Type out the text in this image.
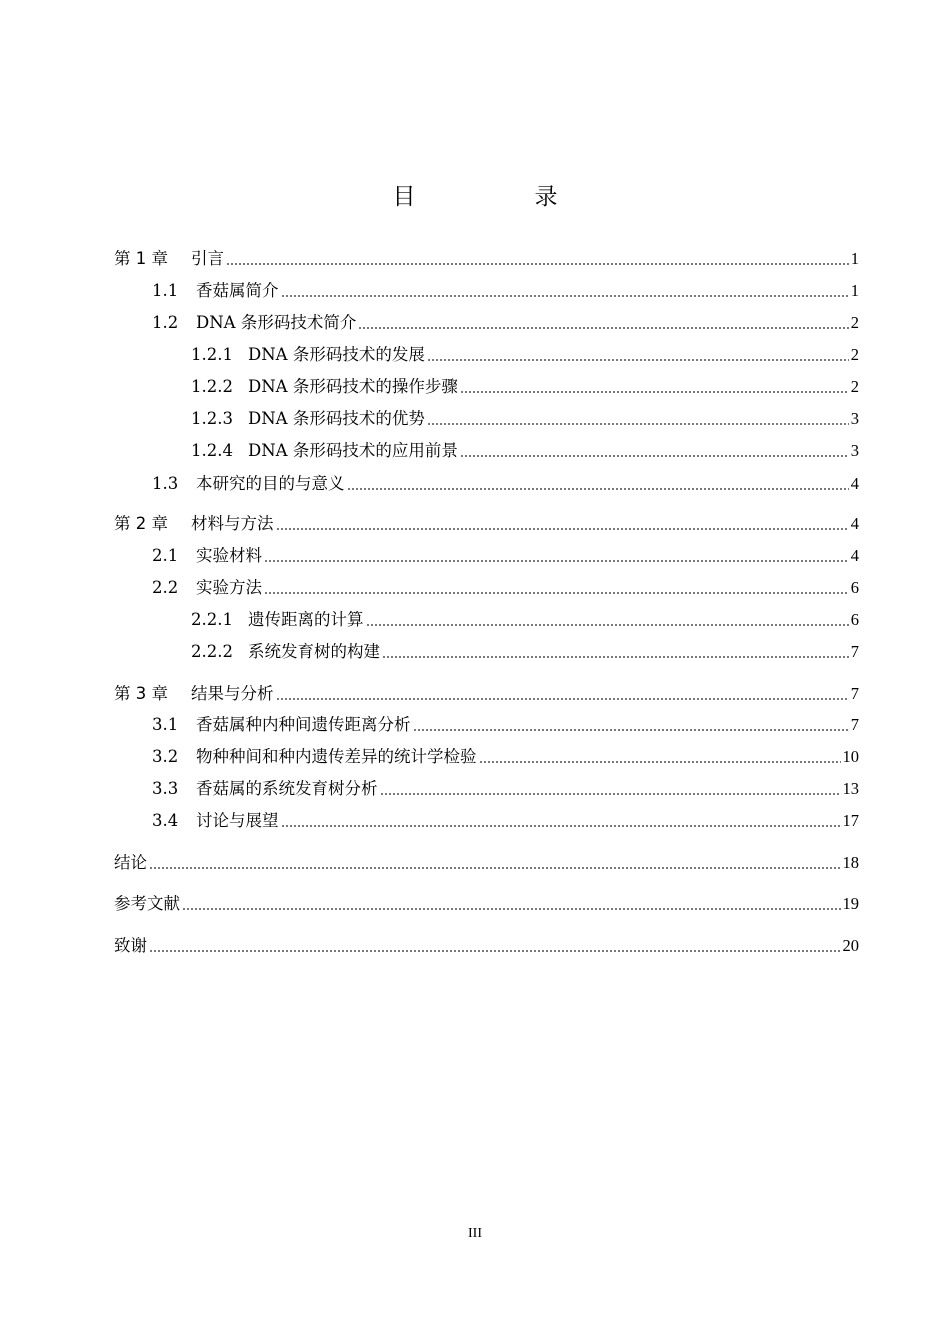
目　录
第 1 章	引言	1
1.1	香菇属简介	1
1.2	DNA 条形码技术简介	2
1.2.1 DNA 条形码技术的发展	2
1.2.2 DNA 条形码技术的操作步骤	2
1.2.3 DNA 条形码技术的优势	3
1.2.4 DNA 条形码技术的应用前景	3
1.3	本研究的目的与意义	4
第 2 章	材料与方法	4
2.1	实验材料	4
2.2	实验方法	6
2.2.1 遗传距离的计算	6
2.2.2 系统发育树的构建	7
第 3 章	结果与分析	7
3.1	香菇属种内种间遗传距离分析	7
3.2	物种种间和种内遗传差异的统计学检验	10
3.3	香菇属的系统发育树分析	13
3.4	讨论与展望	17
结论	18
参考文献	19
致谢	20
III
